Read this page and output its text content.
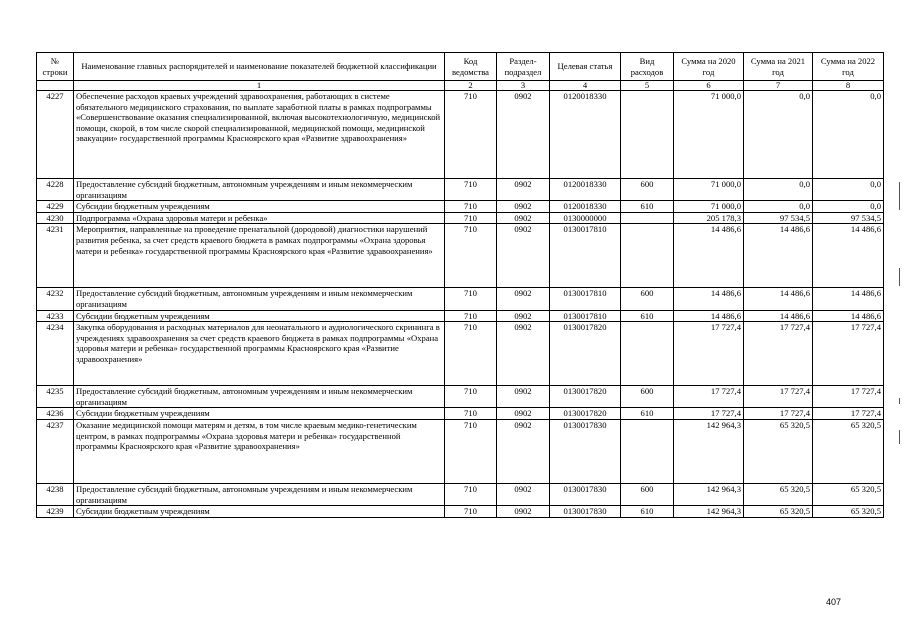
№ строки	Наименование главных распорядителей и наименование показателей бюджетной классификации	Код ведомства	Раздел-подраздел	Целевая статья	Вид расходов	Сумма на 2020 год	Сумма на 2021 год	Сумма на 2022 год
	1	2	3	4	5	6	7	8
4227	Обеспечение расходов краевых учреждений здравоохранения, работающих в системе обязательного медицинского страхования, по выплате заработной платы в рамках подпрограммы «Совершенствование оказания специализированной, включая высокотехнологичную, медицинской помощи, скорой, в том числе скорой специализированной, медицинской помощи, медицинской эвакуации» государственной программы Красноярского края «Развитие здравоохранения»	710	0902	0120018330		71 000,0	0,0	0,0
4228	Предоставление субсидий бюджетным, автономным учреждениям и иным некоммерческим организациям	710	0902	0120018330	600	71 000,0	0,0	0,0
4229	Субсидии бюджетным учреждениям	710	0902	0120018330	610	71 000,0	0,0	0,0
4230	Подпрограмма «Охрана здоровья матери и ребенка»	710	0902	0130000000		205 178,3	97 534,5	97 534,5
4231	Мероприятия, направленные на проведение пренатальной (дородовой) диагностики нарушений развития ребенка, за счет средств краевого бюджета в рамках подпрограммы «Охрана здоровья матери и ребенка» государственной программы Красноярского края «Развитие здравоохранения»	710	0902	0130017810		14 486,6	14 486,6	14 486,6
4232	Предоставление субсидий бюджетным, автономным учреждениям и иным некоммерческим организациям	710	0902	0130017810	600	14 486,6	14 486,6	14 486,6
4233	Субсидии бюджетным учреждениям	710	0902	0130017810	610	14 486,6	14 486,6	14 486,6
4234	Закупка оборудования и расходных материалов для неонатального и аудиологического скрининга в учреждениях здравоохранения за счет средств краевого бюджета в рамках подпрограммы «Охрана здоровья матери и ребенка» государственной программы Красноярского края «Развитие здравоохранения»	710	0902	0130017820		17 727,4	17 727,4	17 727,4
4235	Предоставление субсидий бюджетным, автономным учреждениям и иным некоммерческим организациям	710	0902	0130017820	600	17 727,4	17 727,4	17 727,4
4236	Субсидии бюджетным учреждениям	710	0902	0130017820	610	17 727,4	17 727,4	17 727,4
4237	Оказание медицинской помощи матерям и детям, в том числе краевым медико-генетическим центром, в рамках подпрограммы «Охрана здоровья матери и ребенка» государственной программы Красноярского края «Развитие здравоохранения»	710	0902	0130017830		142 964,3	65 320,5	65 320,5
4238	Предоставление субсидий бюджетным, автономным учреждениям и иным некоммерческим организациям	710	0902	0130017830	600	142 964,3	65 320,5	65 320,5
4239	Субсидии бюджетным учреждениям	710	0902	0130017830	610	142 964,3	65 320,5	65 320,5
407
